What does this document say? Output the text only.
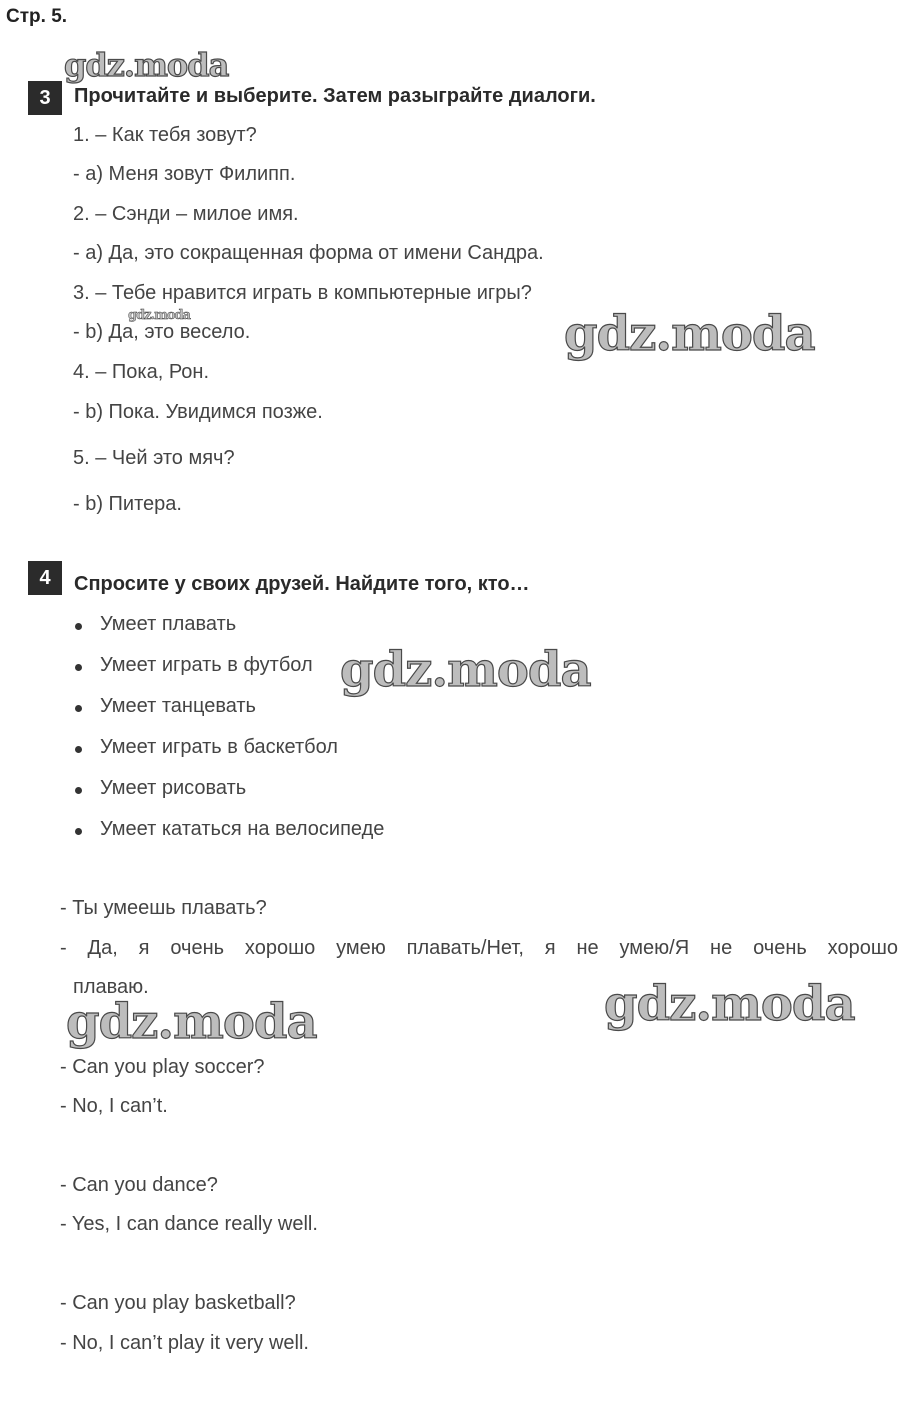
Стр. 5.
gdz.moda
gdz.moda	gdz.moda
gdz.moda
gdz.moda
gdz.moda
3	Прочитайте и выберите. Затем разыграйте диалоги.
1. – Как тебя зовут?
- a) Меня зовут Филипп.
2. – Сэнди – милое имя.
- a) Да, это сокращенная форма от имени Сандра.
3. – Тебе нравится играть в компьютерные игры?
- b) Да, это весело.
4. – Пока, Рон.
- b) Пока. Увидимся позже.
5. – Чей это мяч?
- b) Питера.
4	Спросите у своих друзей. Найдите того, кто…
Умеет плавать
Умеет играть в футбол
Умеет танцевать
Умеет играть в баскетбол
Умеет рисовать
Умеет кататься на велосипеде
- Ты умеешь плавать?
- Да, я очень хорошо умею плавать/Нет, я не умею/Я не очень хорошо
плаваю.
- Can you play soccer?
- No, I can’t.
- Can you dance?
- Yes, I can dance really well.
- Can you play basketball?
- No, I can’t play it very well.
